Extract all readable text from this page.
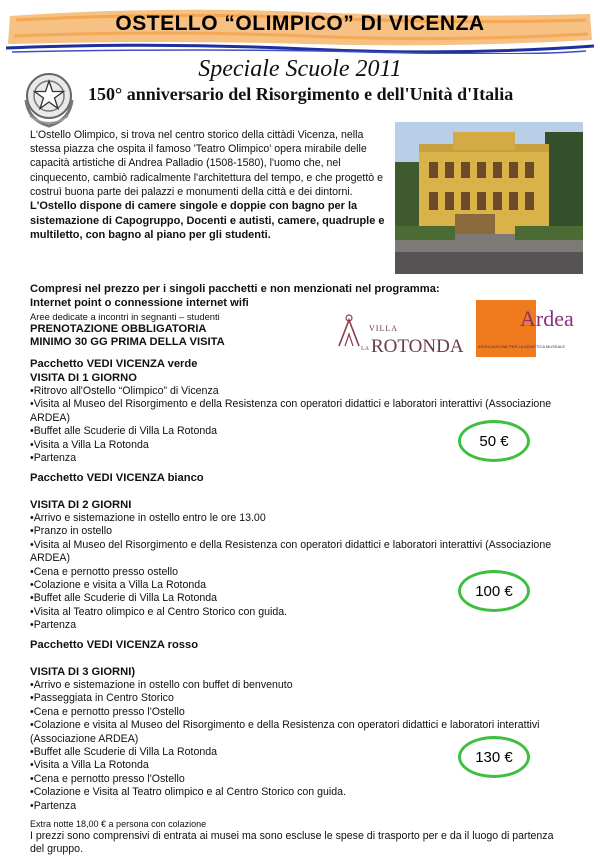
OSTELLO “OLIMPICO” DI VICENZA
Speciale Scuole 2011
150° anniversario del Risorgimento e dell'Unità d'Italia

L'Ostello Olimpico, si trova nel centro storico della cittàdi Vicenza, nella stessa piazza che ospita il famoso 'Teatro Olimpico' opera mirabile delle capacità artistiche di Andrea Palladio (1508-1580), l'uomo che, nel cinquecento, cambiò radicalmente l'architettura del tempo, e che progettò e costruì buona parte dei palazzi e monumenti della città e dei dintorni.

L'Ostello dispone di camere singole e doppie con bagno per la sistemazione di Capogruppo, Docenti e autisti, camere, quadruple e multiletto, con bagno al piano per gli studenti.

Compresi nel prezzo per i singoli pacchetti e non menzionati nel programma:
Internet point o connessione internet wifi
Aree dedicate a incontri in segnanti – studenti
PRENOTAZIONE OBBLIGATORIA
MINIMO 30 GG PRIMA DELLA VISITA
VILLA
LA ROTONDA
Ardea
ASSOCIAZIONE PER LA DIDATTICA MUSEALE
Pacchetto VEDI VICENZA verde
VISITA DI 1 GIORNO
•Ritrovo all'Ostello “Olimpico” di Vicenza
•Visita al Museo del Risorgimento e della Resistenza con operatori didattici e laboratori interattivi (Associazione ARDEA)
•Buffet alle Scuderie di Villa La Rotonda
•Visita a Villa La Rotonda
•Partenza
50 €
Pacchetto VEDI VICENZA bianco
VISITA DI 2 GIORNI
•Arrivo e sistemazione in ostello entro le ore 13.00
•Pranzo in ostello
•Visita al Museo del Risorgimento e della Resistenza con operatori didattici e laboratori interattivi (Associazione ARDEA)
•Cena e pernotto presso ostello
•Colazione e visita a Villa La Rotonda
•Buffet alle Scuderie di Villa La Rotonda
•Visita al Teatro olimpico e al Centro Storico con guida.
•Partenza
100 €
Pacchetto VEDI VICENZA rosso
VISITA DI 3 GIORNI)
•Arrivo e sistemazione in ostello con buffet di benvenuto
•Passeggiata in Centro Storico
•Cena e pernotto presso l'Ostello
•Colazione e visita al Museo del Risorgimento e della Resistenza con operatori didattici e laboratori interattivi (Associazione ARDEA)
•Buffet alle Scuderie di Villa La Rotonda
•Visita a Villa La Rotonda
•Cena e pernotto presso l'Ostello
•Colazione e Visita al Teatro olimpico e al Centro Storico con guida.
•Partenza
130 €
Extra notte 18,00 € a persona con colazione
I prezzi sono comprensivi di entrata ai musei ma sono escluse le spese di trasporto per e da il luogo di partenza del gruppo.
